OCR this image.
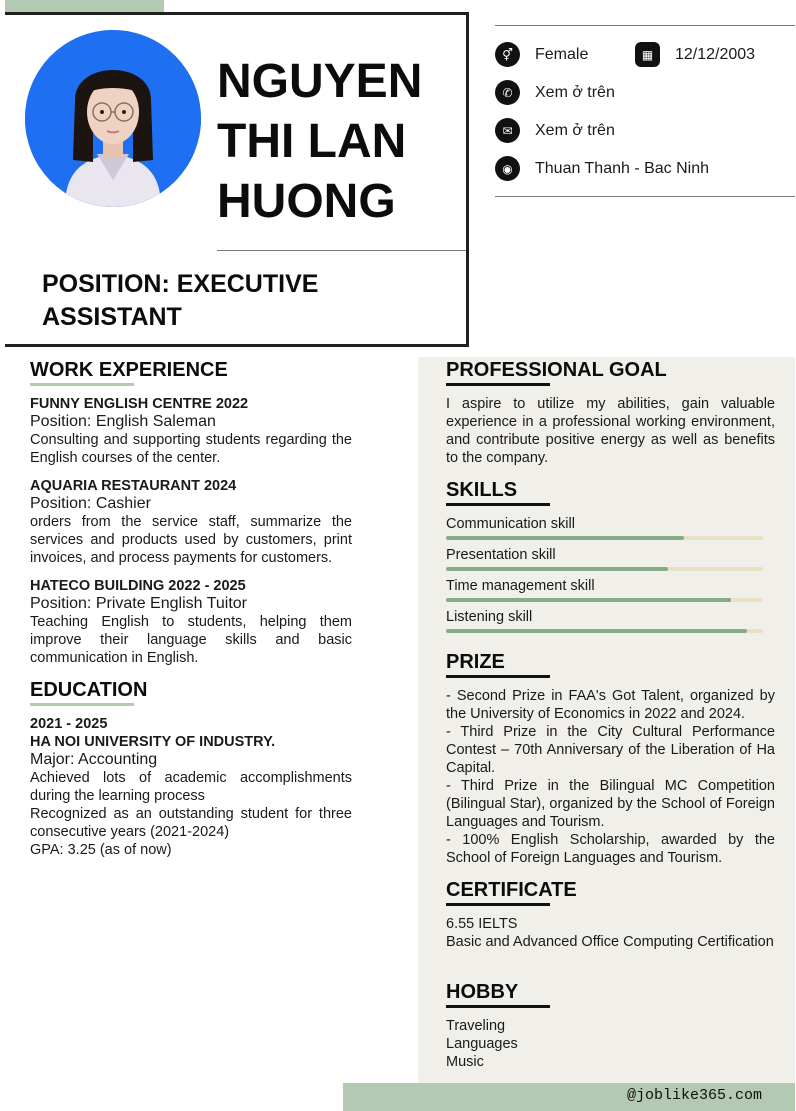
NGUYEN
THI LAN
HUONG
POSITION: EXECUTIVE ASSISTANT
⚥	Female	▦	12/12/2003
✆	Xem ở trên
✉	Xem ở trên
◉	Thuan Thanh - Bac Ninh
WORK EXPERIENCE
FUNNY ENGLISH CENTRE 2022
Position: English Saleman

Consulting and supporting students regarding the English courses of the center.

AQUARIA RESTAURANT 2024
Position: Cashier

orders from the service staff, summarize the services and products used by customers, print invoices, and process payments for customers.

HATECO BUILDING 2022 - 2025
Position: Private English Tuitor

Teaching English to students, helping them improve their language skills and basic communication in English.

EDUCATION
2021 - 2025
HA NOI UNIVERSITY OF INDUSTRY.
Major: Accounting

Achieved lots of academic accomplishments during the learning process

Recognized as an outstanding student for three consecutive years (2021-2024)

GPA: 3.25 (as of now)

PROFESSIONAL GOAL

I aspire to utilize my abilities, gain valuable experience in a professional working environment, and contribute positive energy as well as benefits to the company.

SKILLS
Communication skill
Presentation skill
Time management skill
Listening skill
PRIZE

- Second Prize in FAA's Got Talent, organized by the University of Economics in 2022 and 2024.

- Third Prize in the City Cultural Performance Contest – 70th Anniversary of the Liberation of Ha Capital.

- Third Prize in the Bilingual MC Competition (Bilingual Star), organized by the School of Foreign Languages and Tourism.

- 100% English Scholarship, awarded by the School of Foreign Languages and Tourism.

CERTIFICATE

6.55 IELTS

Basic and Advanced Office Computing Certification

HOBBY
Traveling
Languages
Music
@joblike365.com
